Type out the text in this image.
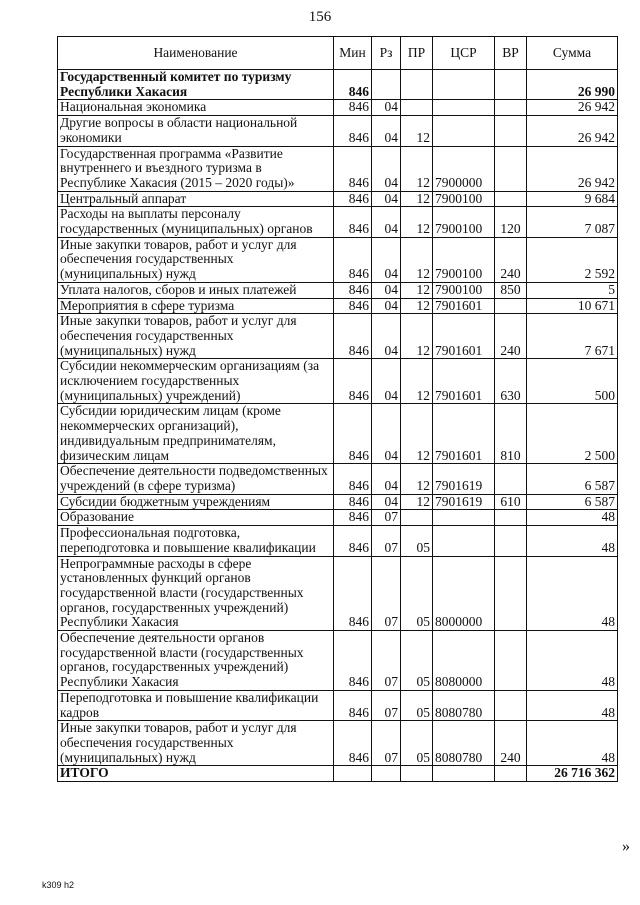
156
Наименование	Мин	Рз	ПР	ЦСР	ВР	Сумма
Государственный комитет по туризму Республики Хакасия	846					26 990
Национальная экономика	846	04				26 942
Другие вопросы в области национальной экономики	846	04	12			26 942
Государственная программа «Развитие внутреннего и въездного туризма в Республике Хакасия (2015 – 2020 годы)»	846	04	12	7900000		26 942
Центральный аппарат	846	04	12	7900100		9 684
Расходы на выплаты персоналу государственных (муниципальных) органов	846	04	12	7900100	120	7 087
Иные закупки товаров, работ и услуг для обеспечения государственных (муниципальных) нужд	846	04	12	7900100	240	2 592
Уплата налогов, сборов и иных платежей	846	04	12	7900100	850	5
Мероприятия в сфере туризма	846	04	12	7901601		10 671
Иные закупки товаров, работ и услуг для обеспечения государственных (муниципальных) нужд	846	04	12	7901601	240	7 671
Субсидии некоммерческим организациям (за исключением государственных (муниципальных) учреждений)	846	04	12	7901601	630	500
Субсидии юридическим лицам (кроме некоммерческих организаций), индивидуальным предпринимателям, физическим лицам	846	04	12	7901601	810	2 500
Обеспечение деятельности подведомственных учреждений (в сфере туризма)	846	04	12	7901619		6 587
Субсидии бюджетным учреждениям	846	04	12	7901619	610	6 587
Образование	846	07				48
Профессиональная подготовка, переподготовка и повышение квалификации	846	07	05			48
Непрограммные расходы в сфере установленных функций органов государственной власти (государственных органов, государственных учреждений) Республики Хакасия	846	07	05	8000000		48
Обеспечение деятельности органов государственной власти (государственных органов, государственных учреждений) Республики Хакасия	846	07	05	8080000		48
Переподготовка и повышение квалификации кадров	846	07	05	8080780		48
Иные закупки товаров, работ и услуг для обеспечения государственных (муниципальных) нужд	846	07	05	8080780	240	48
ИТОГО						26 716 362
»
k309 h2
